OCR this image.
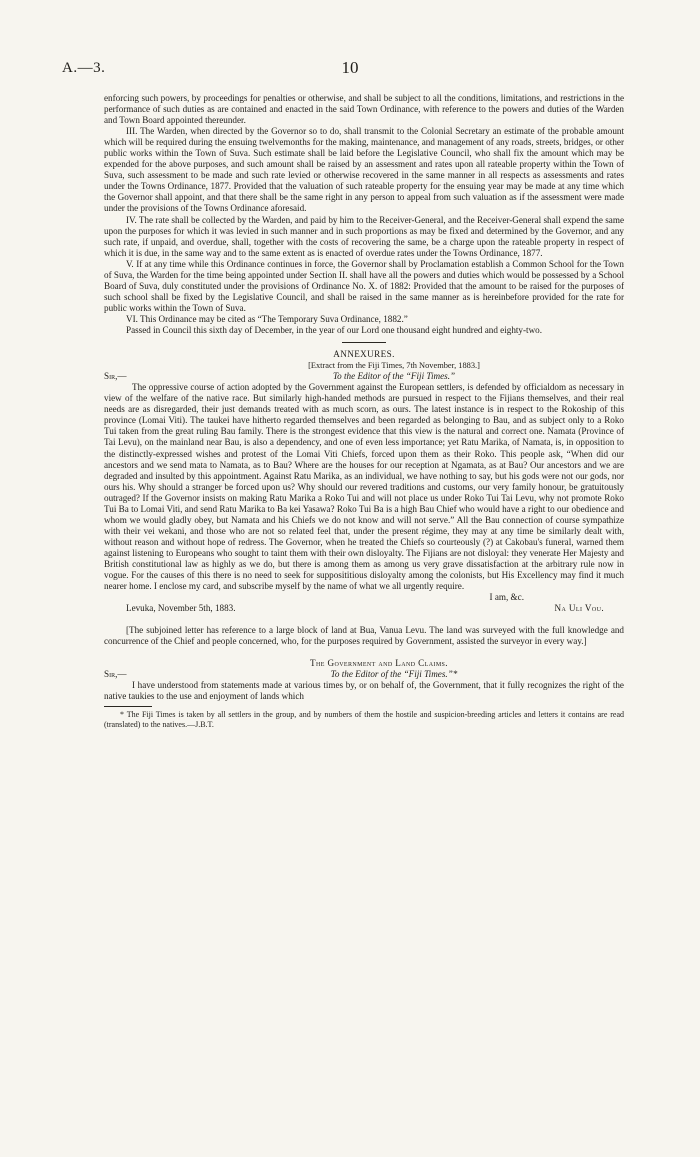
A.—3.	10

enforcing such powers, by proceedings for penalties or otherwise, and shall be subject to all the conditions, limitations, and restrictions in the performance of such duties as are contained and enacted in the said Town Ordinance, with reference to the powers and duties of the Warden and Town Board appointed thereunder.

III. The Warden, when directed by the Governor so to do, shall transmit to the Colonial Secretary an estimate of the probable amount which will be required during the ensuing twelvemonths for the making, maintenance, and management of any roads, streets, bridges, or other public works within the Town of Suva. Such estimate shall be laid before the Legislative Council, who shall fix the amount which may be expended for the above purposes, and such amount shall be raised by an assessment and rates upon all rateable property within the Town of Suva, such assessment to be made and such rate levied or otherwise recovered in the same manner in all respects as assessments and rates under the Towns Ordinance, 1877. Provided that the valuation of such rateable property for the ensuing year may be made at any time which the Governor shall appoint, and that there shall be the same right in any person to appeal from such valuation as if the assessment were made under the provisions of the Towns Ordinance aforesaid.

IV. The rate shall be collected by the Warden, and paid by him to the Receiver-General, and the Receiver-General shall expend the same upon the purposes for which it was levied in such manner and in such proportions as may be fixed and determined by the Governor, and any such rate, if unpaid, and overdue, shall, together with the costs of recovering the same, be a charge upon the rateable property in respect of which it is due, in the same way and to the same extent as is enacted of overdue rates under the Towns Ordinance, 1877.

V. If at any time while this Ordinance continues in force, the Governor shall by Proclamation establish a Common School for the Town of Suva, the Warden for the time being appointed under Section II. shall have all the powers and duties which would be possessed by a School Board of Suva, duly constituted under the provisions of Ordinance No. X. of 1882: Provided that the amount to be raised for the purposes of such school shall be fixed by the Legislative Council, and shall be raised in the same manner as is hereinbefore provided for the rate for public works within the Town of Suva.

VI. This Ordinance may be cited as “The Temporary Suva Ordinance, 1882.”

Passed in Council this sixth day of December, in the year of our Lord one thousand eight hundred and eighty-two.

ANNEXURES.

[Extract from the Fiji Times, 7th November, 1883.]

To the Editor of the “Fiji Times.”

Sir,—

The oppressive course of action adopted by the Government against the European settlers, is defended by officialdom as necessary in view of the welfare of the native race. But similarly high-handed methods are pursued in respect to the Fijians themselves, and their real needs are as disregarded, their just demands treated with as much scorn, as ours. The latest instance is in respect to the Rokoship of this province (Lomai Viti). The taukei have hitherto regarded themselves and been regarded as belonging to Bau, and as subject only to a Roko Tui taken from the great ruling Bau family. There is the strongest evidence that this view is the natural and correct one. Namata (Province of Tai Levu), on the mainland near Bau, is also a dependency, and one of even less importance; yet Ratu Marika, of Namata, is, in opposition to the distinctly-expressed wishes and protest of the Lomai Viti Chiefs, forced upon them as their Roko. This people ask, “When did our ancestors and we send mata to Namata, as to Bau? Where are the houses for our reception at Ngamata, as at Bau? Our ancestors and we are degraded and insulted by this appointment. Against Ratu Marika, as an individual, we have nothing to say, but his gods were not our gods, nor ours his. Why should a stranger be forced upon us? Why should our revered traditions and customs, our very family honour, be gratuitously outraged? If the Governor insists on making Ratu Marika a Roko Tui and will not place us under Roko Tui Tai Levu, why not promote Roko Tui Ba to Lomai Viti, and send Ratu Marika to Ba kei Yasawa? Roko Tui Ba is a high Bau Chief who would have a right to our obedience and whom we would gladly obey, but Namata and his Chiefs we do not know and will not serve.” All the Bau connection of course sympathize with their vei wekani, and those who are not so related feel that, under the present régime, they may at any time be similarly dealt with, without reason and without hope of redress. The Governor, when he treated the Chiefs so courteously (?) at Cakobau's funeral, warned them against listening to Europeans who sought to taint them with their own disloyalty. The Fijians are not disloyal: they venerate Her Majesty and British constitutional law as highly as we do, but there is among them as among us very grave dissatisfaction at the arbitrary rule now in vogue. For the causes of this there is no need to seek for supposititious disloyalty among the colonists, but His Excellency may find it much nearer home. I enclose my card, and subscribe myself by the name of what we all urgently require.

I am, &c.

Levuka, November 5th, 1883.	Na Uli Vou.

[The subjoined letter has reference to a large block of land at Bua, Vanua Levu. The land was surveyed with the full knowledge and concurrence of the Chief and people concerned, who, for the purposes required by Government, assisted the surveyor in every way.]

The Government and Land Claims.

To the Editor of the “Fiji Times.”*

Sir,—

I have understood from statements made at various times by, or on behalf of, the Government, that it fully recognizes the right of the native taukies to the use and enjoyment of lands which

* The Fiji Times is taken by all settlers in the group, and by numbers of them the hostile and suspicion-breeding articles and letters it contains are read (translated) to the natives.—J.B.T.
